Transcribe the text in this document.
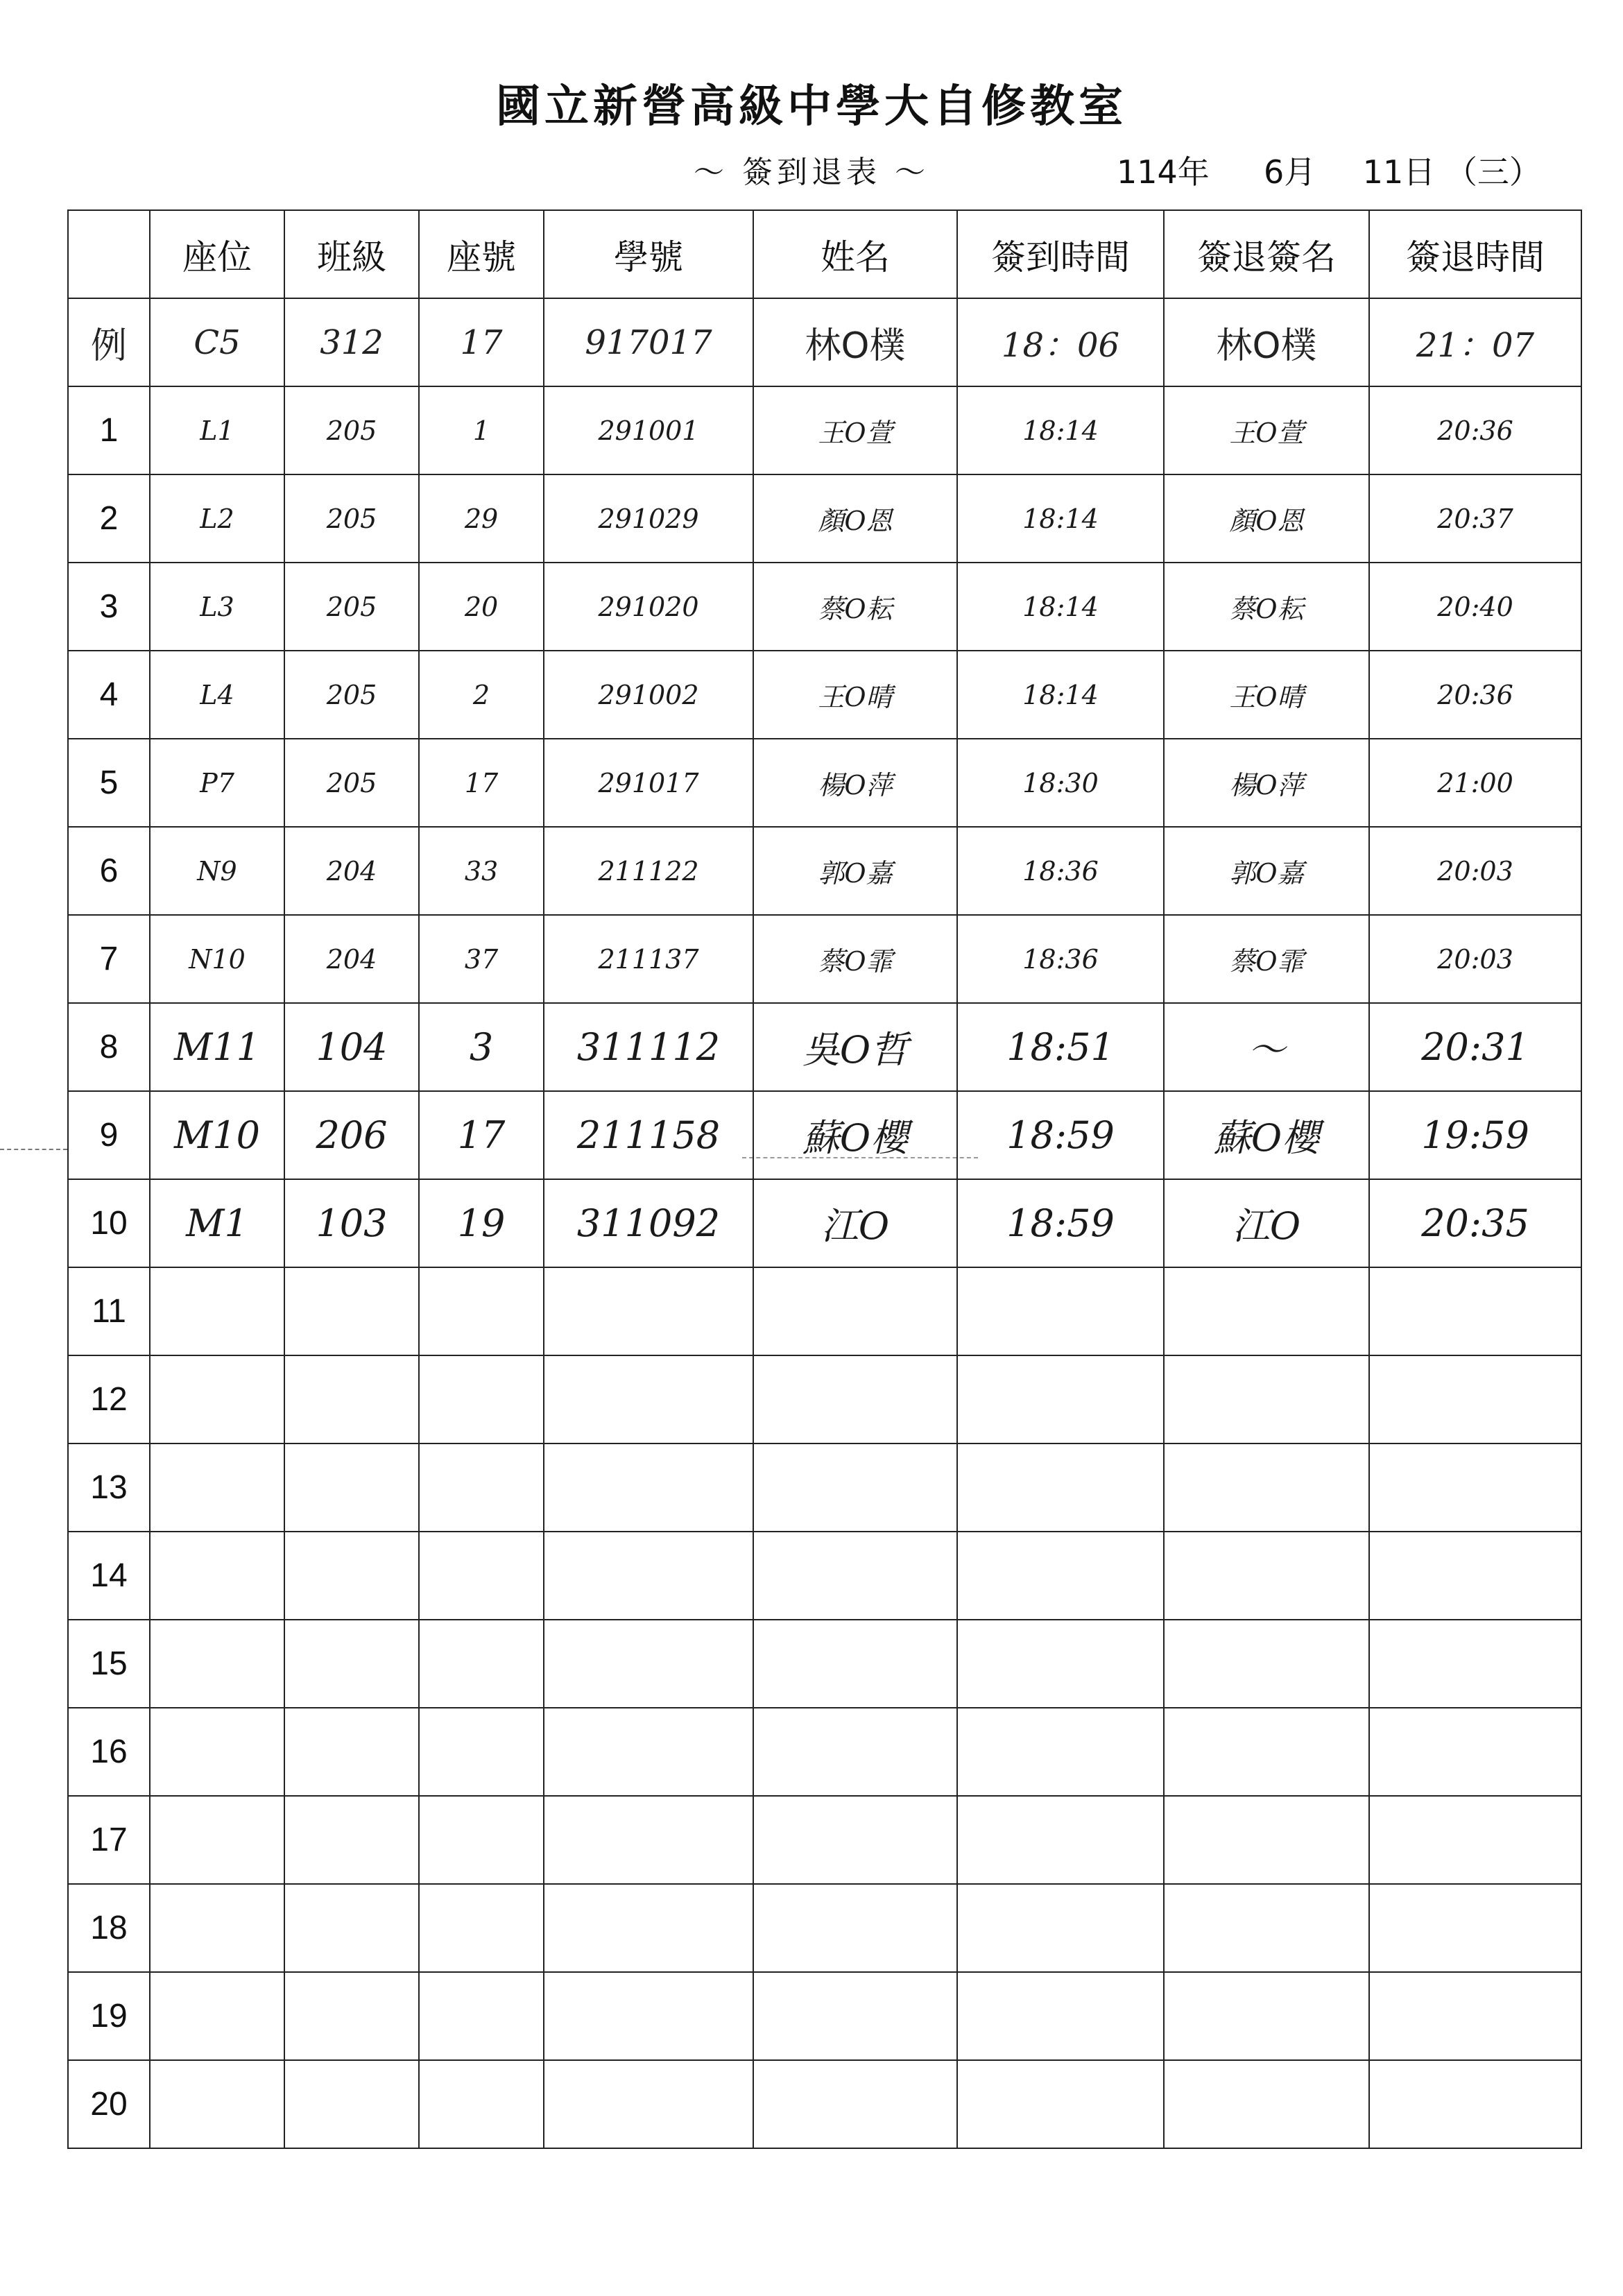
國立新營高級中學大自修教室
～ 簽到退表 ～	114年 6月 11日 （三）
	座位	班級	座號	學號	姓名	簽到時間	簽退簽名	簽退時間
例	C5	312	17	917017	林O樸	18：06	林O樸	21：07
1	L1	205	1	291001	王O萱	18:14	王O萱	20:36
2	L2	205	29	291029	顏O恩	18:14	顏O恩	20:37
3	L3	205	20	291020	蔡O耘	18:14	蔡O耘	20:40
4	L4	205	2	291002	王O晴	18:14	王O晴	20:36
5	P7	205	17	291017	楊O萍	18:30	楊O萍	21:00
6	N9	204	33	211122	郭O嘉	18:36	郭O嘉	20:03
7	N10	204	37	211137	蔡O霏	18:36	蔡O霏	20:03
8	M11	104	3	311112	吳O哲	18:51	～	20:31
9	M10	206	17	211158	蘇O櫻	18:59	蘇O櫻	19:59
10	M1	103	19	311092	江O	18:59	江O	20:35
11								
12								
13								
14								
15								
16								
17								
18								
19								
20								
